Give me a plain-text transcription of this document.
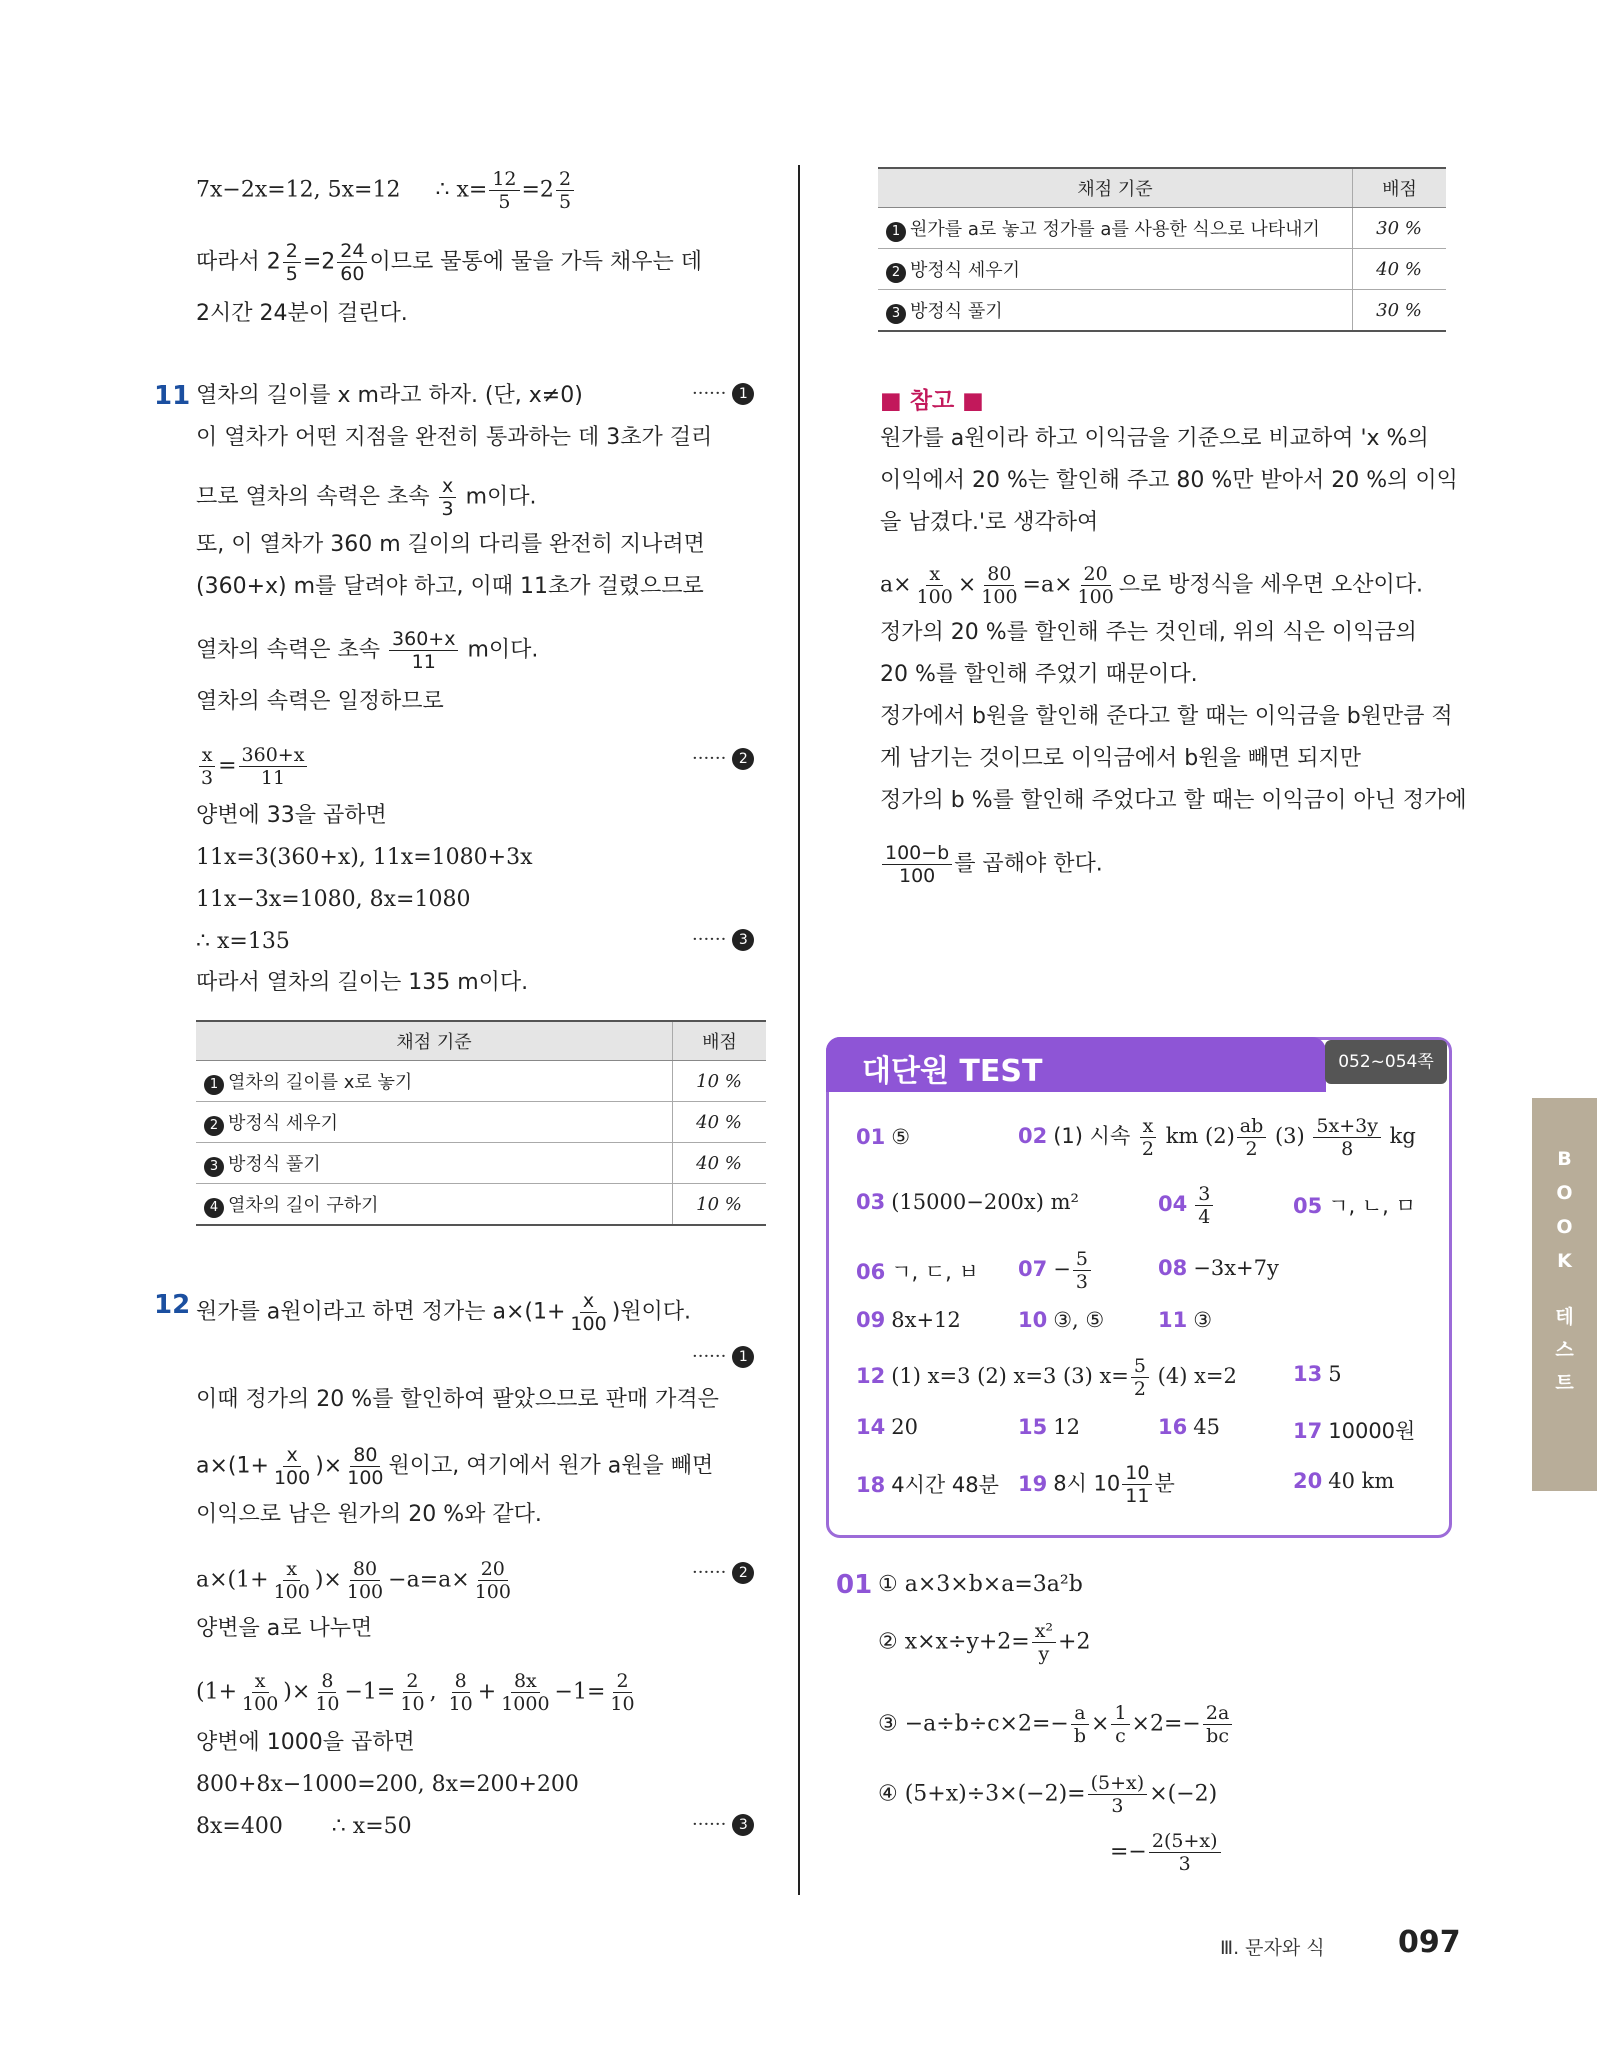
7x−2x=12, 5x=12 ∴ $x= \frac{12}{5} =2 \frac{2}{5}$
따라서 $2 \frac{2}{5} =2 \frac{24}{60}$ 이므로 물통에 물을 가득 채우는 데
2시간 24분이 걸린다.
11 열차의 길이를 x m라고 하자. (단, x≠0)	······ 1
이 열차가 어떤 지점을 완전히 통과하는 데 3초가 걸리
므로 열차의 속력은 초속 $\frac{x}{3}$ m이다.
또, 이 열차가 360 m 길이의 다리를 완전히 지나려면
(360+x) m를 달려야 하고, 이때 11초가 걸렸으므로
열차의 속력은 초속 $\frac{360+x}{11}$ m이다.
열차의 속력은 일정하므로
$\frac{x}{3} = \frac{360+x}{11}$	······ 2
양변에 33을 곱하면
11x=3(360+x), 11x=1080+3x
11x−3x=1080, 8x=1080
∴ x=135	······ 3
따라서 열차의 길이는 135 m이다.
채점 기준	배점
1 열차의 길이를 x로 놓기	10 %
2 방정식 세우기	40 %
3 방정식 풀기	40 %
4 열차의 길이 구하기	10 %
12 원가를 a원이라고 하면 정가는 $a\times(1+ \frac{x}{100}$ )원이다.
······ 1
이때 정가의 20 %를 할인하여 팔았으므로 판매 가격은
$a\times(1+ \frac{x}{100}$ )× $\frac{80}{100}$ 원이고, 여기에서 원가 a원을 빼면
이익으로 남은 원가의 20 %와 같다.
$a\times(1+ \frac{x}{100}$ )× $\frac{80}{100} -a=a\times \frac{20}{100}$	······ 2
양변을 a로 나누면
($1+ \frac{x}{100}$ )× $\frac{8}{10} -1= \frac{2}{10}$ , $\frac{8}{10} + \frac{8x}{1000} -1= \frac{2}{10}$
양변에 1000을 곱하면
800+8x−1000=200, 8x=200+200
8x=400 ∴ x=50	······ 3
채점 기준	배점
1 원가를 a로 놓고 정가를 a를 사용한 식으로 나타내기	30 %
2 방정식 세우기	40 %
3 방정식 풀기	30 %
■ 참고 ■
원가를 a원이라 하고 이익금을 기준으로 비교하여 'x %의
이익에서 20 %는 할인해 주고 80 %만 받아서 20 %의 이익
을 남겼다.'로 생각하여
$a\times \frac{x}{100} \times \frac{80}{100} =a\times \frac{20}{100}$ 으로 방정식을 세우면 오산이다.
정가의 20 %를 할인해 주는 것인데, 위의 식은 이익금의
20 %를 할인해 주었기 때문이다.
정가에서 b원을 할인해 준다고 할 때는 이익금을 b원만큼 적
게 남기는 것이므로 이익금에서 b원을 빼면 되지만
정가의 b %를 할인해 주었다고 할 때는 이익금이 아닌 정가에
$\frac{100-b}{100}$ 를 곱해야 한다.
대단원 TEST	052~054쪽
01 ⑤	02 (1) 시속 $\frac{x}{2}$ km $(2) \frac{ab}{2} (3) \frac{5x+3y}{8}$ kg
03 (15000−200x) m²	$04 \frac{3}{4}$	05 ㄱ, ㄴ, ㅁ
06 ㄱ, ㄷ, ㅂ $07 - \frac{5}{3}$	08 −3x+7y
09 8x+12	10 ③, ⑤	11 ③
12 (1) x=3 (2) x=3 (3) $x= \frac{5}{2} (4)$ x=2	13 5
14 20	15 12	16 45	17 10000원
18 4시간 48분 19 8시 $10 \frac{10}{11}$ 분	20 40 km
01 ① a×3×b×a=3a²b
② $x\times x\div y+2= \frac{\text{x²}}{y} +2$
③ $-a\div b\div c\times 2=- \frac{a}{b} \times \frac{1}{c} \times 2=- \frac{2a}{bc}$
④ $(5+x)\div 3\times(-2)= \frac{(5+x)}{3} \times(-2)$
=− $\frac{2(5+x)}{3}$
B
O
O
K
테
스
트
Ⅲ. 문자와 식 097
